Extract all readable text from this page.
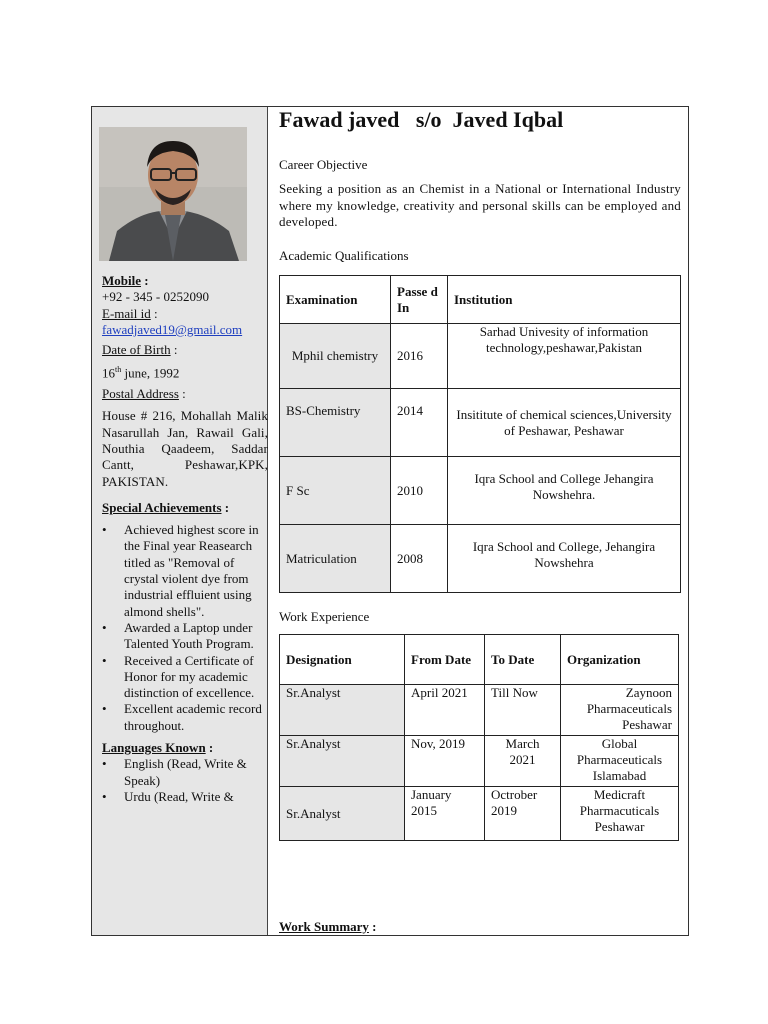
Mobile :

+92 - 345 - 0252090

E-mail id :

fawadjaved19@gmail.com

Date of Birth :

16th june, 1992

Postal Address :

House # 216, Mohallah Malik Nasarullah Jan, Rawail Gali, Nouthia Qaadeem, Saddar Cantt, Peshawar,KPK, PAKISTAN.

Special Achievements :

• Achieved highest score in the Final year Reasearch titled as "Removal of crystal violent dye from industrial effluient using almond shells".
• Awarded a Laptop under Talented Youth Program.
• Received a Certificate of Honor for my academic distinction of excellence.
• Excellent academic record throughout.

Languages Known :

• English (Read, Write & Speak)
• Urdu (Read, Write &
Fawad javed   s/o  Javed Iqbal
Career Objective
Seeking a position as an Chemist in a National or International Industry where my knowledge, creativity and personal skills can be employed and developed.
Academic Qualifications
Examination	Passe d In	Institution
Mphil chemistry	2016	Sarhad Univesity of information technology,peshawar,Pakistan
BS-Chemistry	2014	Insititute of chemical sciences,University of Peshawar, Peshawar
F Sc	2010	Iqra School and College Jehangira Nowshehra.
Matriculation	2008	Iqra School and College, Jehangira Nowshehra
Work Experience
Designation	From Date	To Date	Organization
Sr.Analyst	April 2021	Till Now	Zaynoon Pharmaceuticals Peshawar
Sr.Analyst	Nov, 2019	March 2021	Global Pharmaceuticals Islamabad
Sr.Analyst	January 2015	Octrober 2019	Medicraft Pharmacuticals Peshawar
Work Summary :
